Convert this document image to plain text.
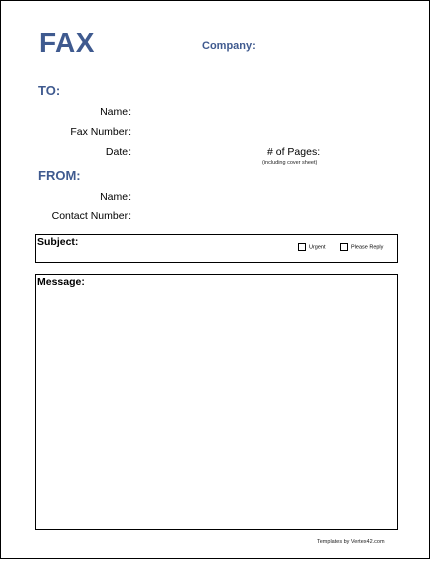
FAX	Company:
TO:
Name:
Fax Number:
Date:	# of Pages:
(including cover sheet)
FROM:
Name:
Contact Number:
Subject:	Urgent	Please Reply
Message:
Templates by Vertex42.com
